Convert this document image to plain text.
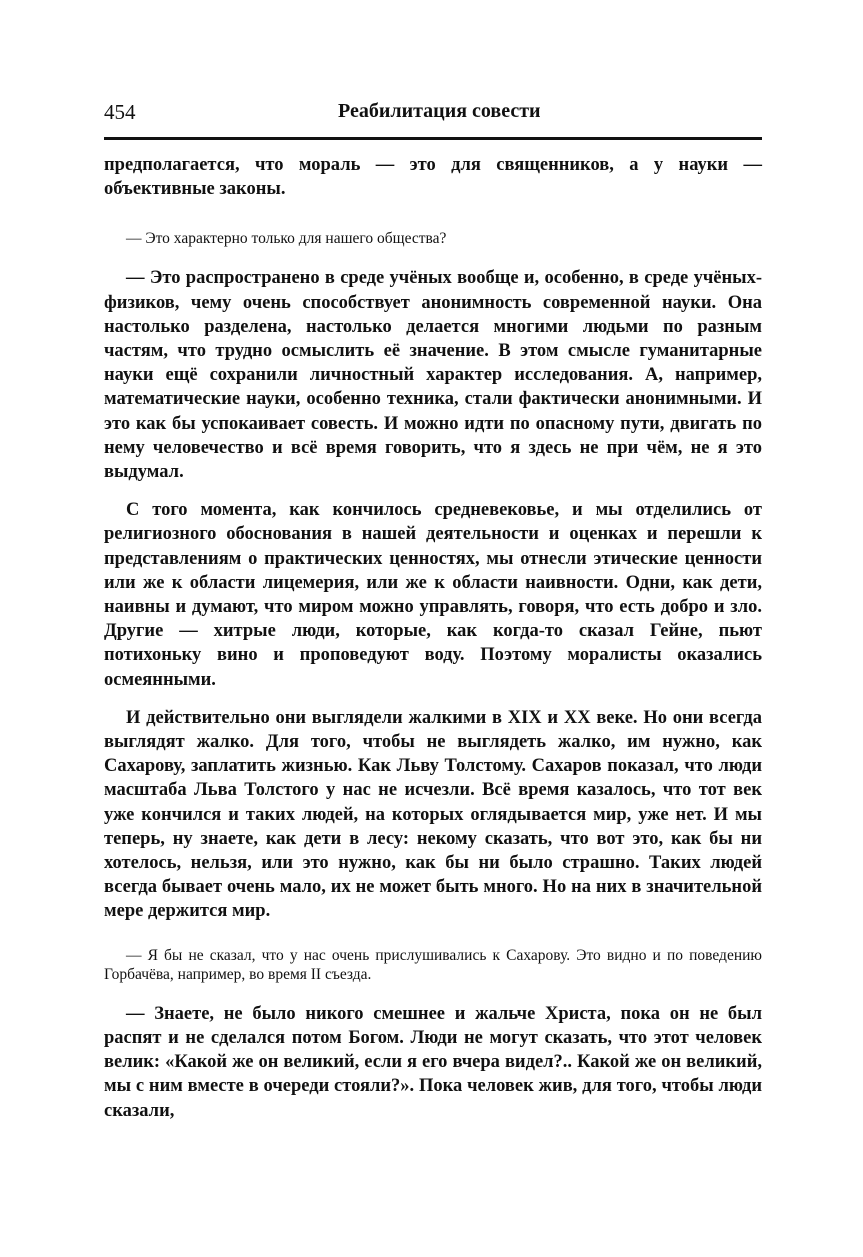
454	Реабилитация совести

предполагается, что мораль — это для священников, а у науки — объективные законы.

— Это характерно только для нашего общества?

— Это распространено в среде учёных вообще и, особенно, в среде учёных-физиков, чему очень способствует анонимность современной науки. Она настолько разделена, настолько делается многими людьми по разным частям, что трудно осмыслить её значение. В этом смысле гуманитарные науки ещё сохранили личностный характер исследования. А, например, математические науки, особенно техника, стали фактически анонимными. И это как бы успокаивает совесть. И можно идти по опасному пути, двигать по нему человечество и всё время говорить, что я здесь не при чём, не я это выдумал.

С того момента, как кончилось средневековье, и мы отделились от религиозного обоснования в нашей деятельности и оценках и перешли к представлениям о практических ценностях, мы отнесли этические ценности или же к области лицемерия, или же к области наивности. Одни, как дети, наивны и думают, что миром можно управлять, говоря, что есть добро и зло. Другие — хитрые люди, которые, как когда-то сказал Гейне, пьют потихоньку вино и проповедуют воду. Поэтому моралисты оказались осмеянными.

И действительно они выглядели жалкими в XIX и XX веке. Но они всегда выглядят жалко. Для того, чтобы не выглядеть жалко, им нужно, как Сахарову, заплатить жизнью. Как Льву Толстому. Сахаров показал, что люди масштаба Льва Толстого у нас не исчезли. Всё время казалось, что тот век уже кончился и таких людей, на которых оглядывается мир, уже нет. И мы теперь, ну знаете, как дети в лесу: некому сказать, что вот это, как бы ни хотелось, нельзя, или это нужно, как бы ни было страшно. Таких людей всегда бывает очень мало, их не может быть много. Но на них в значительной мере держится мир.

— Я бы не сказал, что у нас очень прислушивались к Сахарову. Это видно и по поведению Горбачёва, например, во время II съезда.

— Знаете, не было никого смешнее и жальче Христа, пока он не был распят и не сделался потом Богом. Люди не могут сказать, что этот человек велик: «Какой же он великий, если я его вчера видел?.. Какой же он великий, мы с ним вместе в очереди стояли?». Пока человек жив, для того, чтобы люди сказали,
